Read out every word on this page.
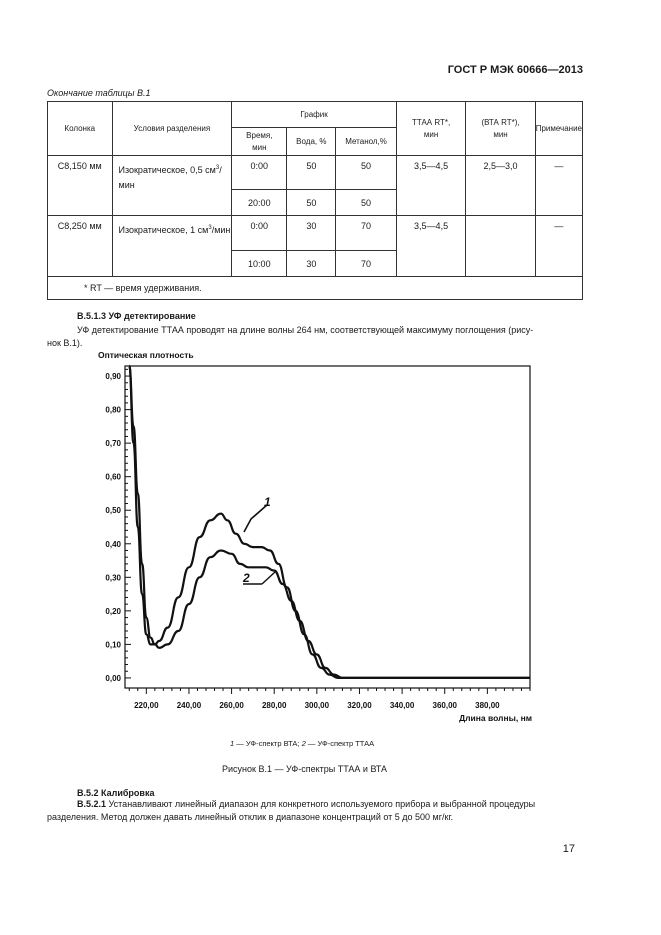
ГОСТ Р МЭК 60666—2013
Окончание таблицы В.1
Колонка	Условия разделения	График			ТТАА RT*, мин	(ВТА RT*), мин	Примечание
		Время, мин	Вода, %	Метанол,%			
C8,150 мм	Изократическое, 0,5 $см^3$/мин	0:00	50	50	3,5—4,5	2,5—3,0	—
		20:00	50	50			
C8,250 мм	Изократическое, 1 $см^3$/мин	0:00	30	70	3,5—4,5		—
		10:00	30	70			
* RT — время удерживания.							
В.5.1.3 УФ детектирование
УФ детектирование ТТАА проводят на длине волны 264 нм, соответствующей максимуму поглощения (рису-
нок В.1).
Оптическая плотность
Длина волны, нм
0,00
0,10
0,20
0,30
0,40
0,50
0,60
0,70
0,80
0,90
220,00 240,00 260,00 280,00 300,00 320,00 340,00 360,00 380,00
1
2
1 — УФ-спектр ВТА; 2 — УФ-спектр ТТАА
Рисунок В.1 — УФ-спектры ТТАА и ВТА
В.5.2 Калибровка
В.5.2.1 Устанавливают линейный диапазон для конкретного используемого прибора и выбранной процедуры
разделения. Метод должен давать линейный отклик в диапазоне концентраций от 5 до 500 мг/кг.
17
